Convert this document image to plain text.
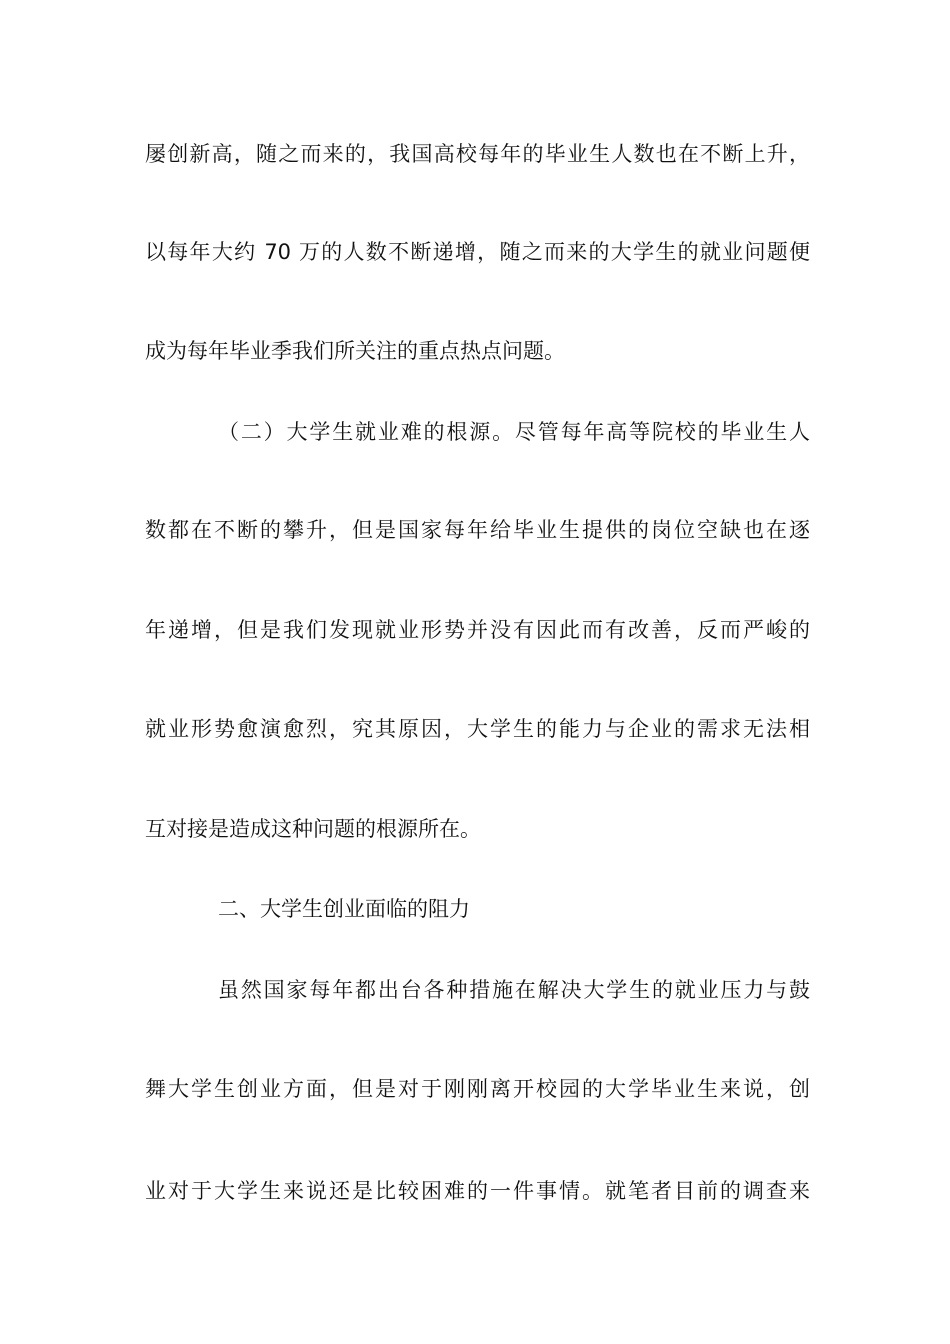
屡创新高，随之而来的，我国高校每年的毕业生人数也在不断上升，
以每年大约 70 万的人数不断递增，随之而来的大学生的就业问题便
成为每年毕业季我们所关注的重点热点问题。
（二）大学生就业难的根源。尽管每年高等院校的毕业生人
数都在不断的攀升，但是国家每年给毕业生提供的岗位空缺也在逐
年递增，但是我们发现就业形势并没有因此而有改善，反而严峻的
就业形势愈演愈烈，究其原因，大学生的能力与企业的需求无法相
互对接是造成这种问题的根源所在。
二、大学生创业面临的阻力
虽然国家每年都出台各种措施在解决大学生的就业压力与鼓
舞大学生创业方面，但是对于刚刚离开校园的大学毕业生来说，创
业对于大学生来说还是比较困难的一件事情。就笔者目前的调查来
